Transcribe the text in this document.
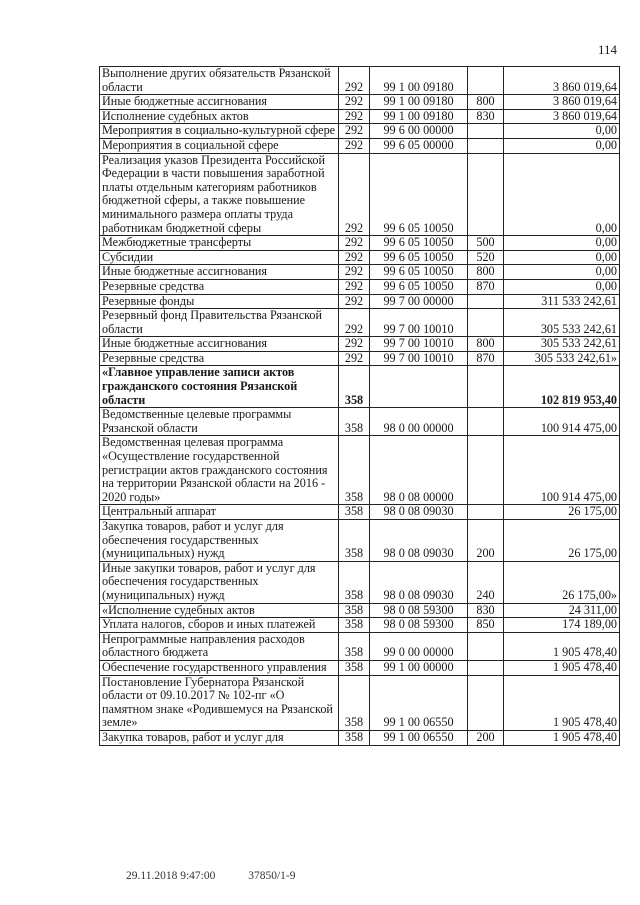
114
Выполнение других обязательств Рязанской области	292	99 1 00 09180		3 860 019,64
Иные бюджетные ассигнования	292	99 1 00 09180	800	3 860 019,64
Исполнение судебных актов	292	99 1 00 09180	830	3 860 019,64
Мероприятия в социально-культурной сфере	292	99 6 00 00000		0,00
Мероприятия в социальной сфере	292	99 6 05 00000		0,00
Реализация указов Президента Российской Федерации в части повышения заработной платы отдельным категориям работников бюджетной сферы, а также повышение минимального размера оплаты труда работникам бюджетной сферы	292	99 6 05 10050		0,00
Межбюджетные трансферты	292	99 6 05 10050	500	0,00
Субсидии	292	99 6 05 10050	520	0,00
Иные бюджетные ассигнования	292	99 6 05 10050	800	0,00
Резервные средства	292	99 6 05 10050	870	0,00
Резервные фонды	292	99 7 00 00000		311 533 242,61
Резервный фонд Правительства Рязанской области	292	99 7 00 10010		305 533 242,61
Иные бюджетные ассигнования	292	99 7 00 10010	800	305 533 242,61
Резервные средства	292	99 7 00 10010	870	305 533 242,61»
«Главное управление записи актов гражданского состояния Рязанской области	358			102 819 953,40
Ведомственные целевые программы Рязанской области	358	98 0 00 00000		100 914 475,00
Ведомственная целевая программа «Осуществление государственной регистрации актов гражданского состояния на территории Рязанской области на 2016 - 2020 годы»	358	98 0 08 00000		100 914 475,00
Центральный аппарат	358	98 0 08 09030		26 175,00
Закупка товаров, работ и услуг для обеспечения государственных (муниципальных) нужд	358	98 0 08 09030	200	26 175,00
Иные закупки товаров, работ и услуг для обеспечения государственных (муниципальных) нужд	358	98 0 08 09030	240	26 175,00»
«Исполнение судебных актов	358	98 0 08 59300	830	24 311,00
Уплата налогов, сборов и иных платежей	358	98 0 08 59300	850	174 189,00
Непрограммные направления расходов областного бюджета	358	99 0 00 00000		1 905 478,40
Обеспечение государственного управления	358	99 1 00 00000		1 905 478,40
Постановление Губернатора Рязанской области от 09.10.2017 № 102-пг «О памятном знаке «Родившемуся на Рязанской земле»	358	99 1 00 06550		1 905 478,40
Закупка товаров, работ и услуг для	358	99 1 00 06550	200	1 905 478,40
29.11.2018 9:47:00	37850/1-9
